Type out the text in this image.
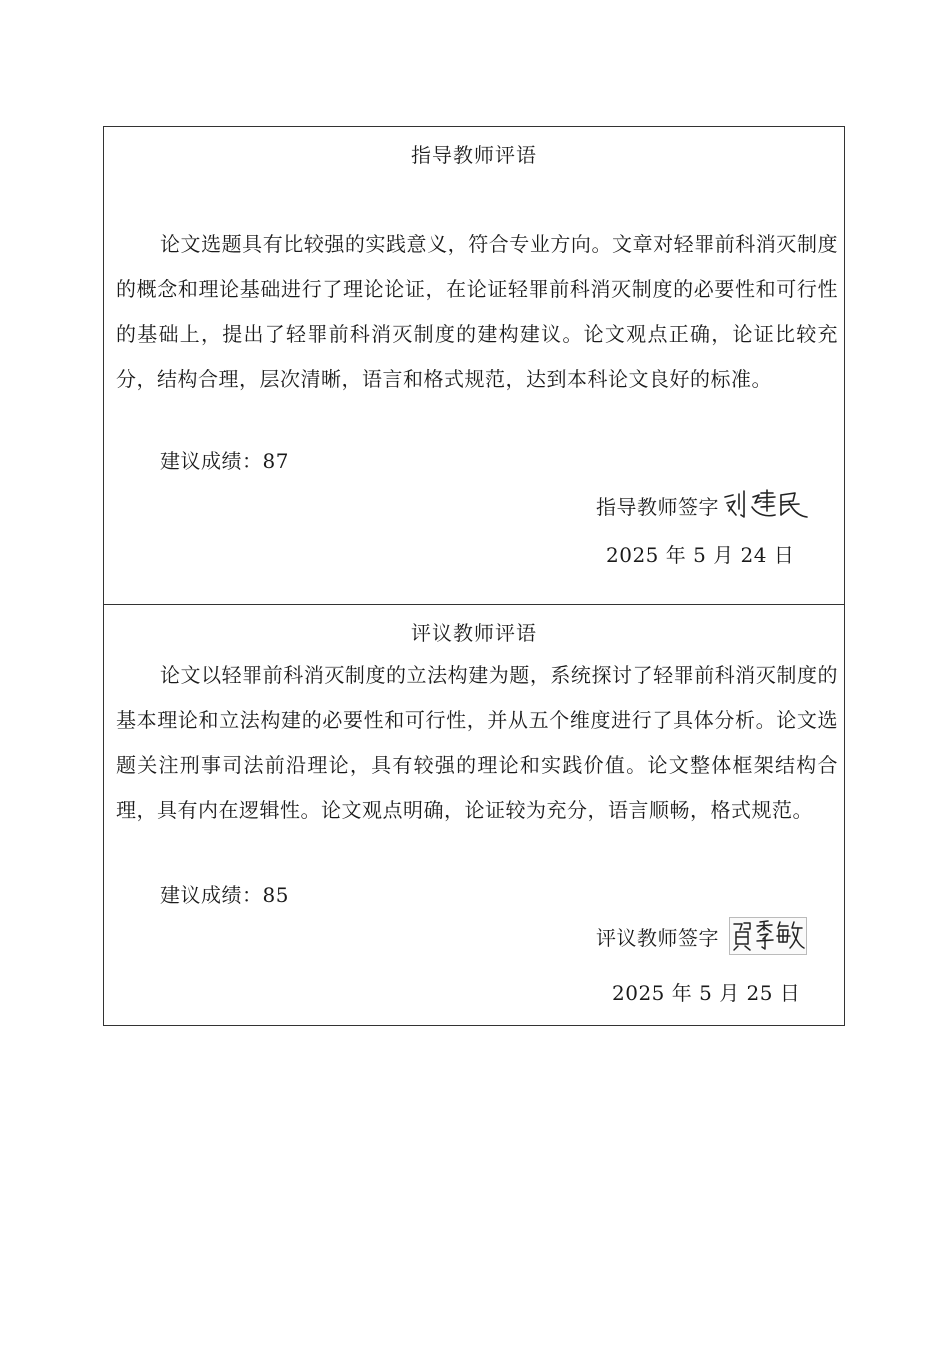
指导教师评语

论文选题具有比较强的实践意义，符合专业方向。文章对轻罪前科消灭制度的概念和理论基础进行了理论论证，在论证轻罪前科消灭制度的必要性和可行性的基础上，提出了轻罪前科消灭制度的建构建议。论文观点正确，论证比较充分，结构合理，层次清晰，语言和格式规范，达到本科论文良好的标准。

建议成绩：87
指导教师签字
2025 年 5 月 24 日
评议教师评语

论文以轻罪前科消灭制度的立法构建为题，系统探讨了轻罪前科消灭制度的基本理论和立法构建的必要性和可行性，并从五个维度进行了具体分析。论文选题关注刑事司法前沿理论，具有较强的理论和实践价值。论文整体框架结构合理，具有内在逻辑性。论文观点明确，论证较为充分，语言顺畅，格式规范。

建议成绩：85
评议教师签字
2025 年 5 月 25 日
